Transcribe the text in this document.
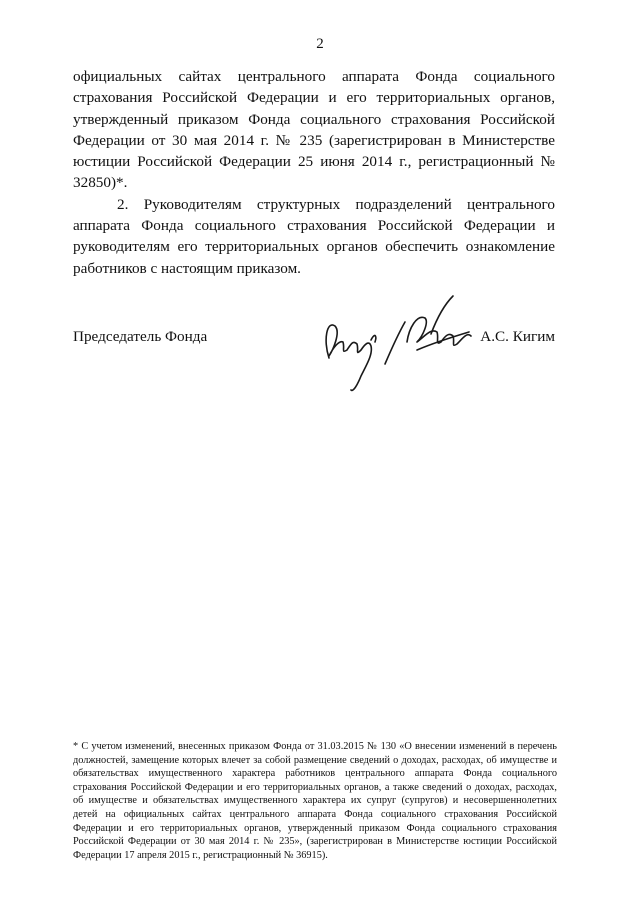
2

официальных сайтах центрального аппарата Фонда социального страхования Российской Федерации и его территориальных органов, утвержденный приказом Фонда социального страхования Российской Федерации от 30 мая 2014 г. № 235 (зарегистрирован в Министерстве юстиции Российской Федерации 25 июня 2014 г., регистрационный № 32850)*.

2. Руководителям структурных подразделений центрального аппарата Фонда социального страхования Российской Федерации и руководителям его территориальных органов обеспечить ознакомление работников с настоящим приказом.

Председатель Фонда	А.С. Кигим
* С учетом изменений, внесенных приказом Фонда от 31.03.2015 № 130 «О внесении изменений в перечень должностей, замещение которых влечет за собой размещение сведений о доходах, расходах, об имуществе и обязательствах имущественного характера работников центрального аппарата Фонда социального страхования Российской Федерации и его территориальных органов, а также сведений о доходах, расходах, об имуществе и обязательствах имущественного характера их супруг (супругов) и несовершеннолетних детей на официальных сайтах центрального аппарата Фонда социального страхования Российской Федерации и его территориальных органов, утвержденный приказом Фонда социального страхования Российской Федерации от 30 мая 2014 г. № 235», (зарегистрирован в Министерстве юстиции Российской Федерации 17 апреля 2015 г., регистрационный № 36915).
